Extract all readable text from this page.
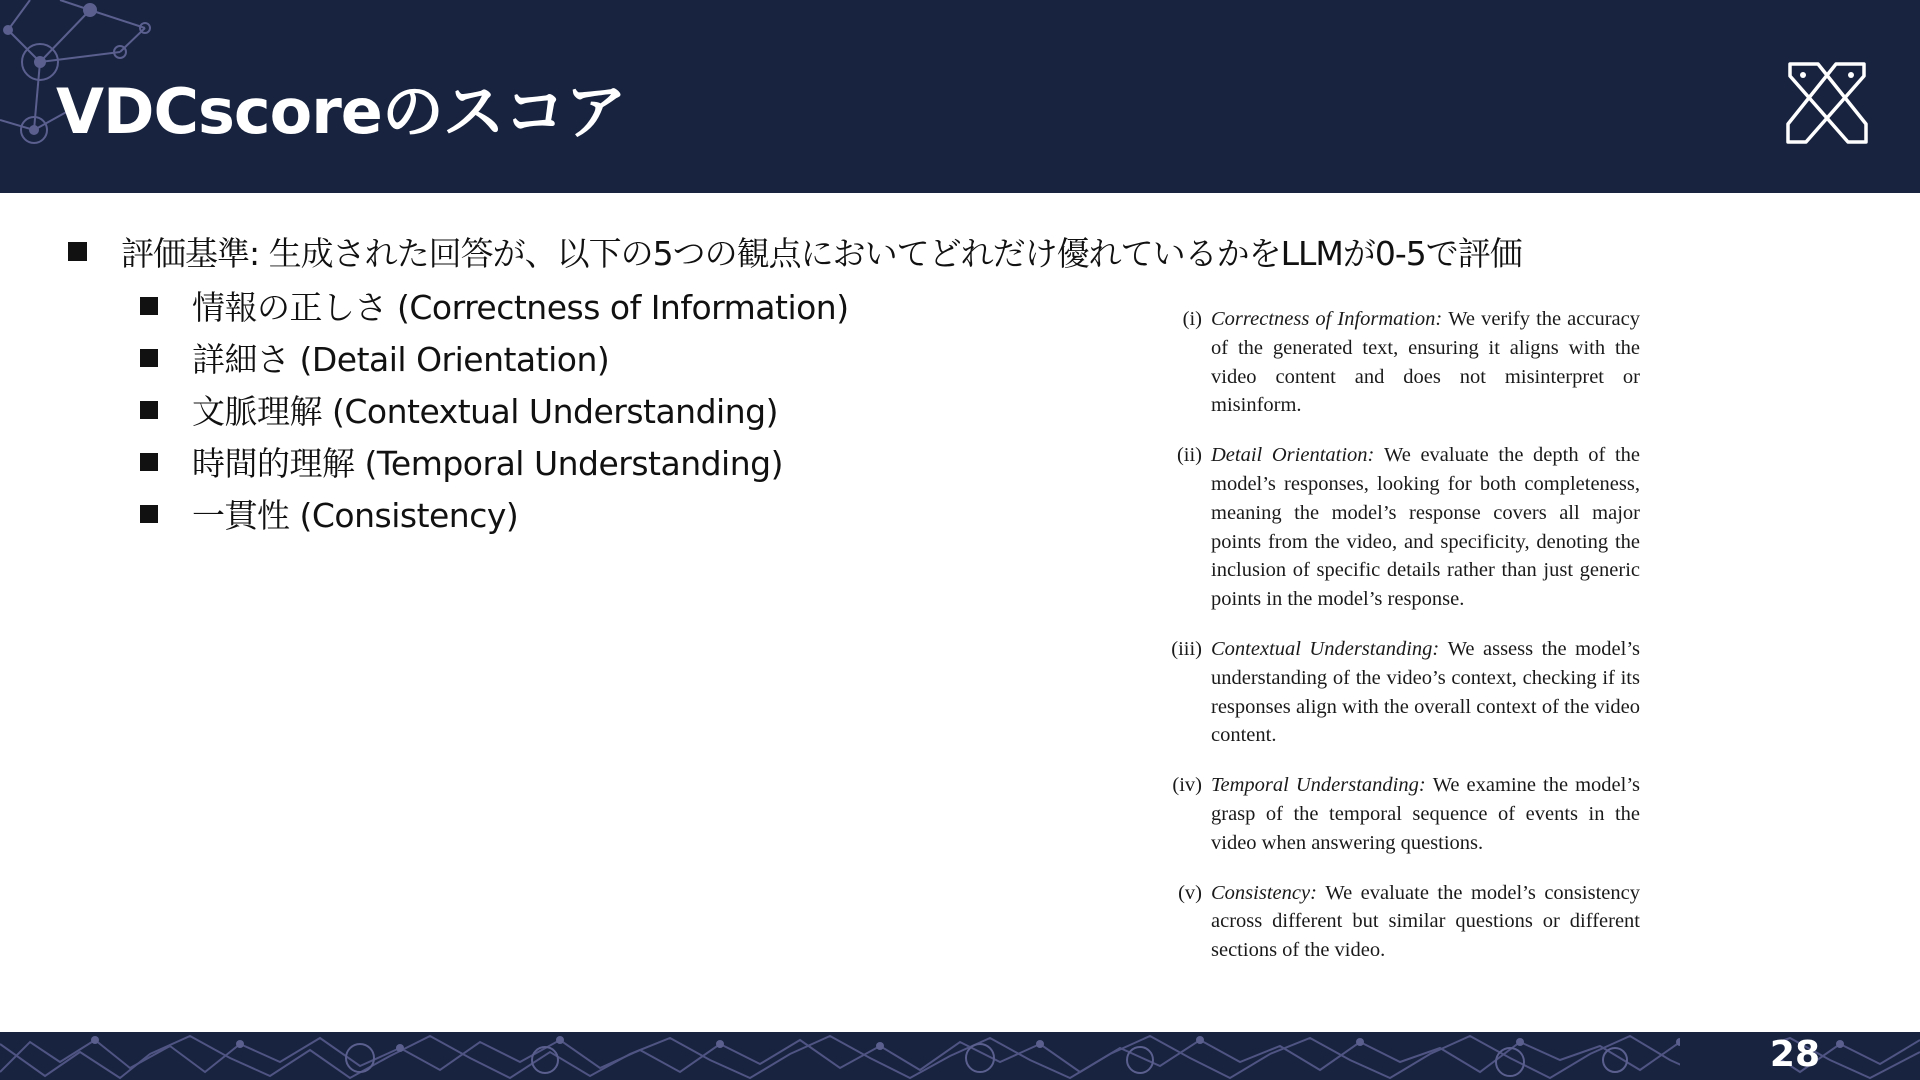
VDCscoreのスコア
評価基準: 生成された回答が、以下の5つの観点においてどれだけ優れているかをLLMが0-5で評価
情報の正しさ (Correctness of Information)
詳細さ (Detail Orientation)
文脈理解 (Contextual Understanding)
時間的理解 (Temporal Understanding)
一貫性 (Consistency)
(i) Correctness of Information: We verify the accuracy of the generated text, ensuring it aligns with the video content and does not misinterpret or misinform.
(ii) Detail Orientation: We evaluate the depth of the model’s responses, looking for both completeness, meaning the model’s response covers all major points from the video, and specificity, denoting the inclusion of specific details rather than just generic points in the model’s response.
(iii) Contextual Understanding: We assess the model’s understanding of the video’s context, checking if its responses align with the overall context of the video content.
(iv) Temporal Understanding: We examine the model’s grasp of the temporal sequence of events in the video when answering questions.
(v) Consistency: We evaluate the model’s consistency across different but similar questions or different sections of the video.
28
